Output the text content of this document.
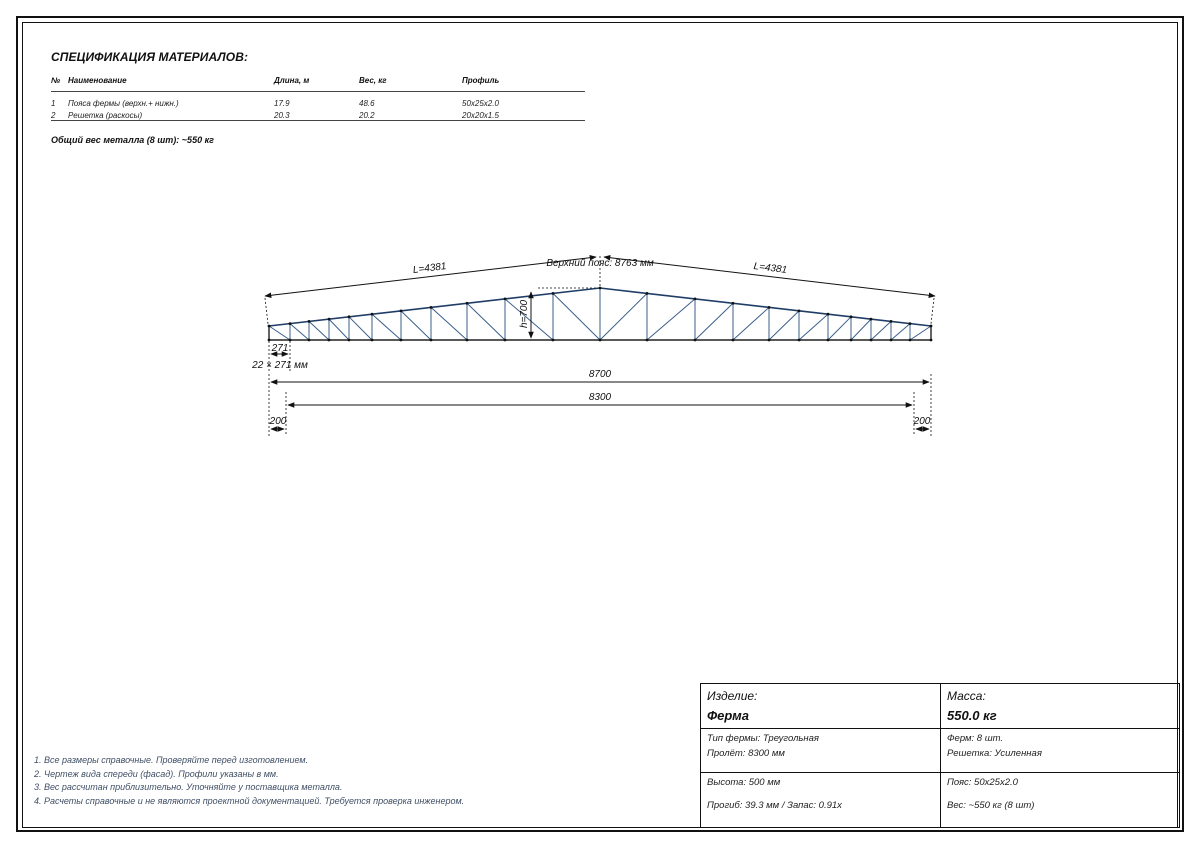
СПЕЦИФИКАЦИЯ МАТЕРИАЛОВ:
№	Наименование	Длина, м	Вес, кг	Профиль
1	Пояса фермы (верхн.+ нижн.)	17.9	48.6	50x25x2.0
2	Решетка (раскосы)	20.3	20.2	20x20x1.5

Общий вес металла (8 шт): ~550 кг
L=4381	L=4381
Верхний пояс: 8763 мм
h=700
271
22 × 271 мм
8700
8300
200	200
1. Все размеры справочные. Проверяйте перед изготовлением.
2. Чертеж вида спереди (фасад). Профили указаны в мм.
3. Вес рассчитан приблизительно. Уточняйте у поставщика металла.
4. Расчеты справочные и не являются проектной документацией. Требуется проверка инженером.
Изделие:
Ферма
Масса:
550.0 кг
Тип фермы: Треугольная
Пролёт: 8300 мм
Ферм: 8 шт.
Решетка: Усиленная
Высота: 500 мм
Прогиб: 39.3 мм / Запас: 0.91x
Пояс: 50x25x2.0
Вес: ~550 кг (8 шт)
